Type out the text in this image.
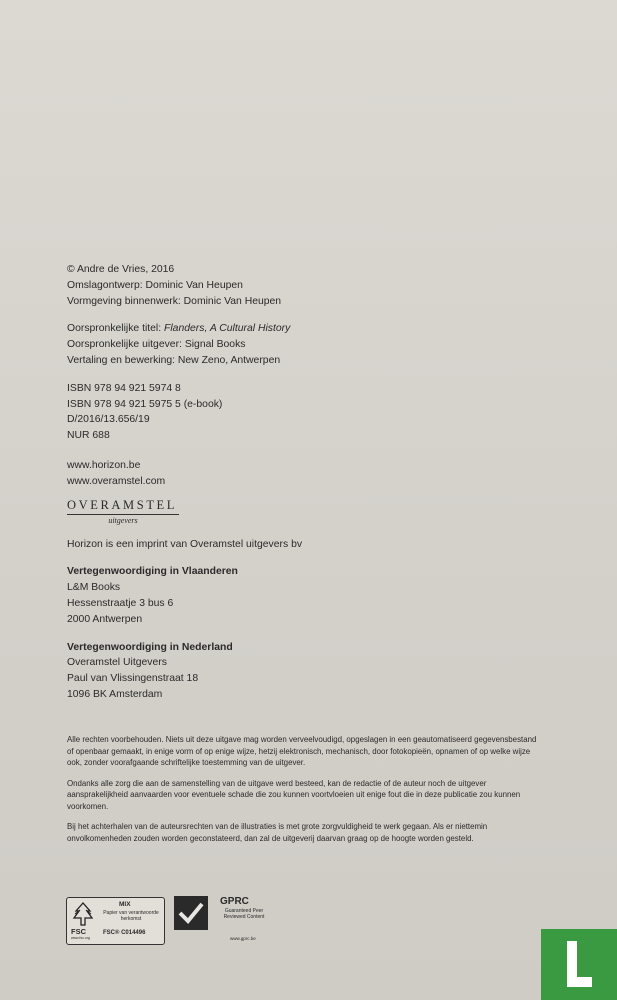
© Andre de Vries, 2016

Omslagontwerp: Dominic Van Heupen

Vormgeving binnenwerk: Dominic Van Heupen

Oorspronkelijke titel: Flanders, A Cultural History

Oorspronkelijke uitgever: Signal Books

Vertaling en bewerking: New Zeno, Antwerpen

ISBN 978 94 921 5974 8

ISBN 978 94 921 5975 5 (e-book)

D/2016/13.656/19

NUR 688

www.horizon.be

www.overamstel.com

OVERAMSTEL
uitgevers

Horizon is een imprint van Overamstel uitgevers bv

Vertegenwoordiging in Vlaanderen

L&M Books

Hessenstraatje 3 bus 6

2000 Antwerpen

Vertegenwoordiging in Nederland

Overamstel Uitgevers

Paul van Vlissingenstraat 18

1096 BK Amsterdam

Alle rechten voorbehouden. Niets uit deze uitgave mag worden verveelvoudigd, opgeslagen in een geautomatiseerd gegevensbestand of openbaar gemaakt, in enige vorm of op enige wijze, hetzij elektronisch, mechanisch, door fotokopieën, opnamen of op welke wijze ook, zonder voorafgaande schriftelijke toestemming van de uitgever.

Ondanks alle zorg die aan de samenstelling van de uitgave werd besteed, kan de redactie of de auteur noch de uitgever aansprakelijkheid aanvaarden voor eventuele schade die zou kunnen voortvloeien uit enige fout die in deze publicatie zou kunnen voorkomen.

Bij het achterhalen van de auteursrechten van de illustraties is met grote zorgvuldigheid te werk gegaan. Als er niettemin onvolkomenheden zouden worden geconstateerd, dan zal de uitgeverij daarvan graag op de hoogte worden gesteld.

FSC
MIX
Papier van verantwoorde herkomst
FSC® C014496
www.fsc.org
GPRC
Guaranteed Peer Reviewed Content
www.gprc.be
